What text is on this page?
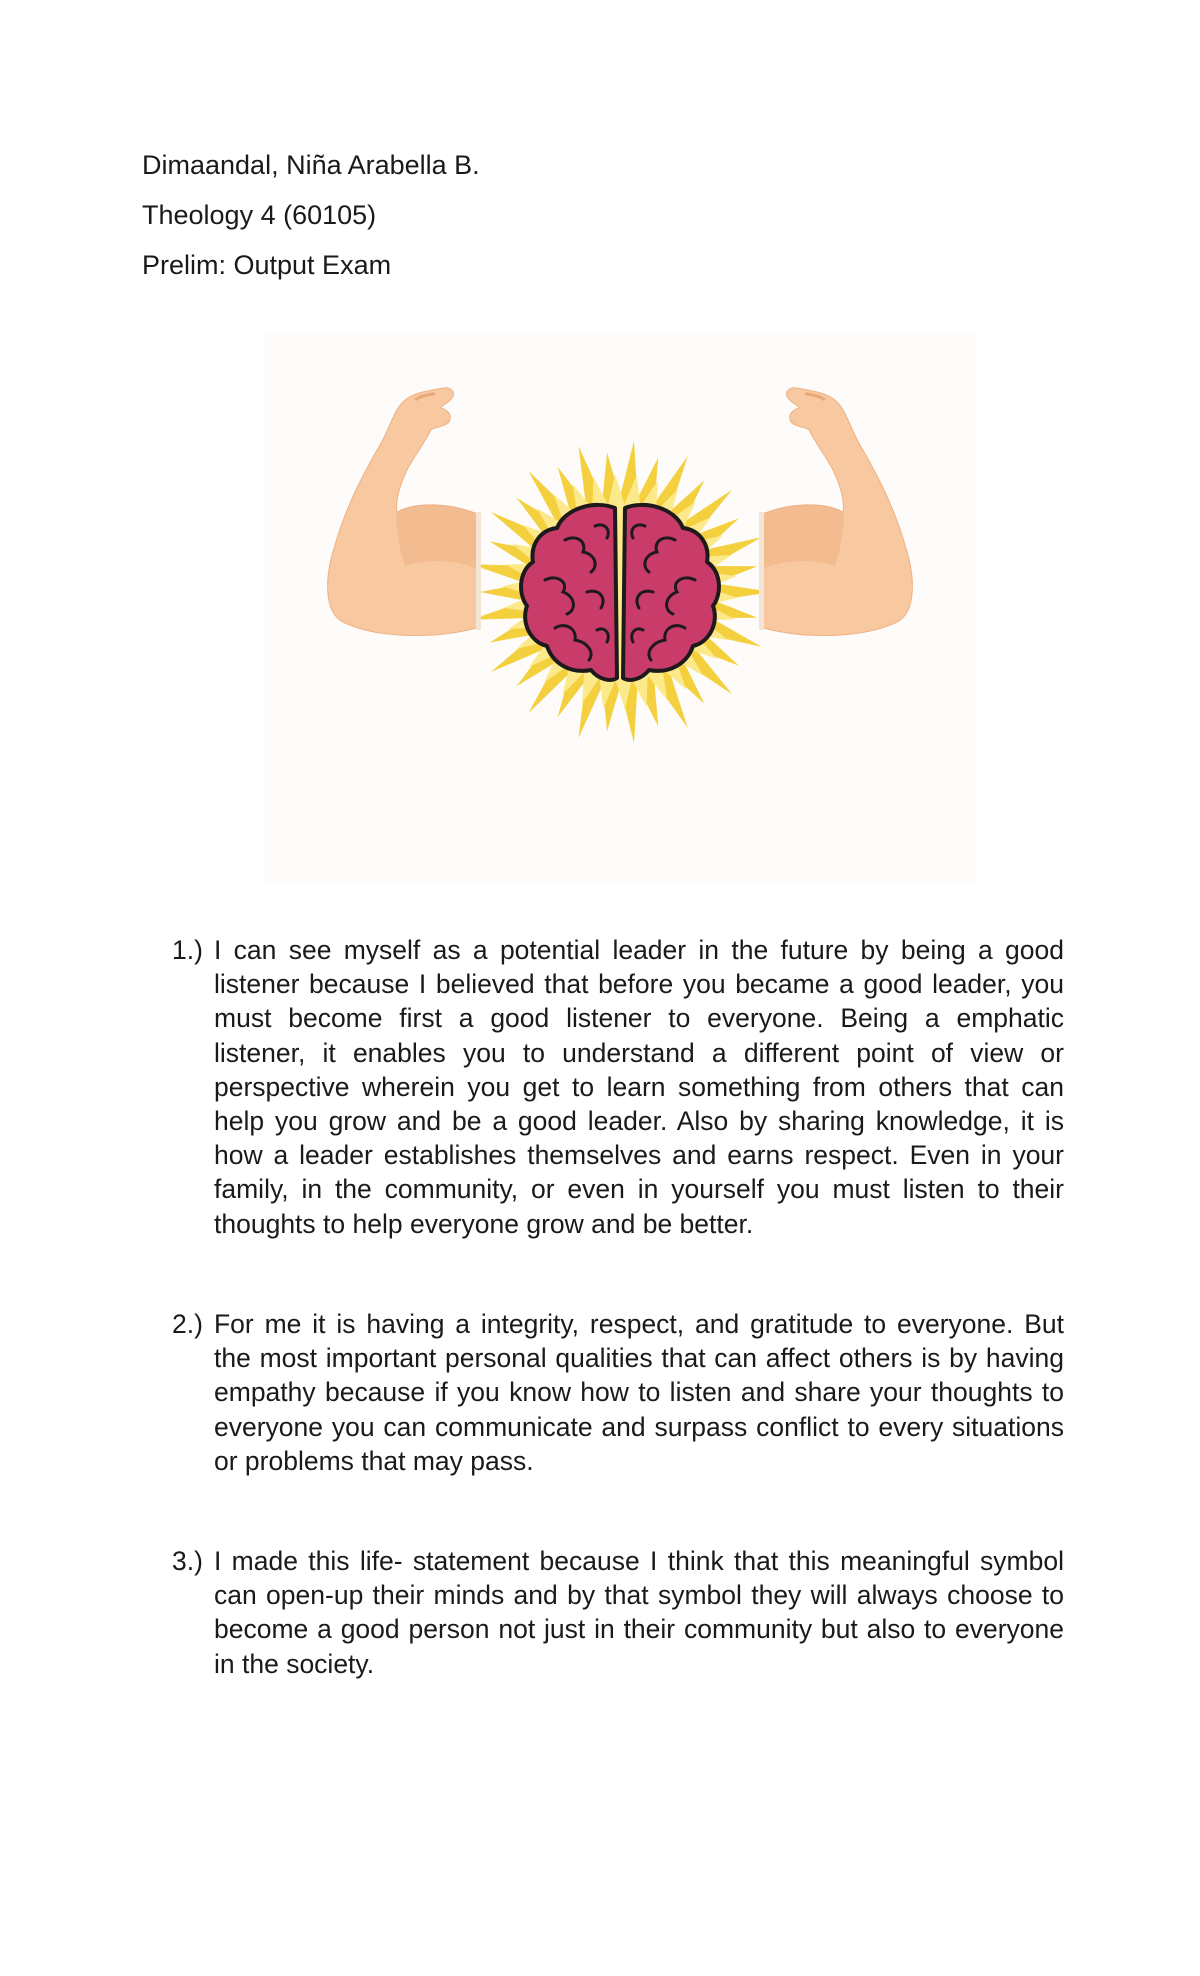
Dimaandal, Niña Arabella B.
Theology 4 (60105)
Prelim: Output Exam
1.) I can see myself as a potential leader in the future by being a good listener because I believed that before you became a good leader, you must become first a good listener to everyone. Being a emphatic listener, it enables you to understand a different point of view or perspective wherein you get to learn something from others that can help you grow and be a good leader. Also by sharing knowledge, it is how a leader establishes themselves and earns respect. Even in your family, in the community, or even in yourself you must listen to their thoughts to help everyone grow and be better.
2.) For me it is having a integrity, respect, and gratitude to everyone. But the most important personal qualities that can affect others is by having empathy because if you know how to listen and share your thoughts to everyone you can communicate and surpass conflict to every situations or problems that may pass.
3.) I made this life- statement because I think that this meaningful symbol can open-up their minds and by that symbol they will always choose to become a good person not just in their community but also to everyone in the society.
